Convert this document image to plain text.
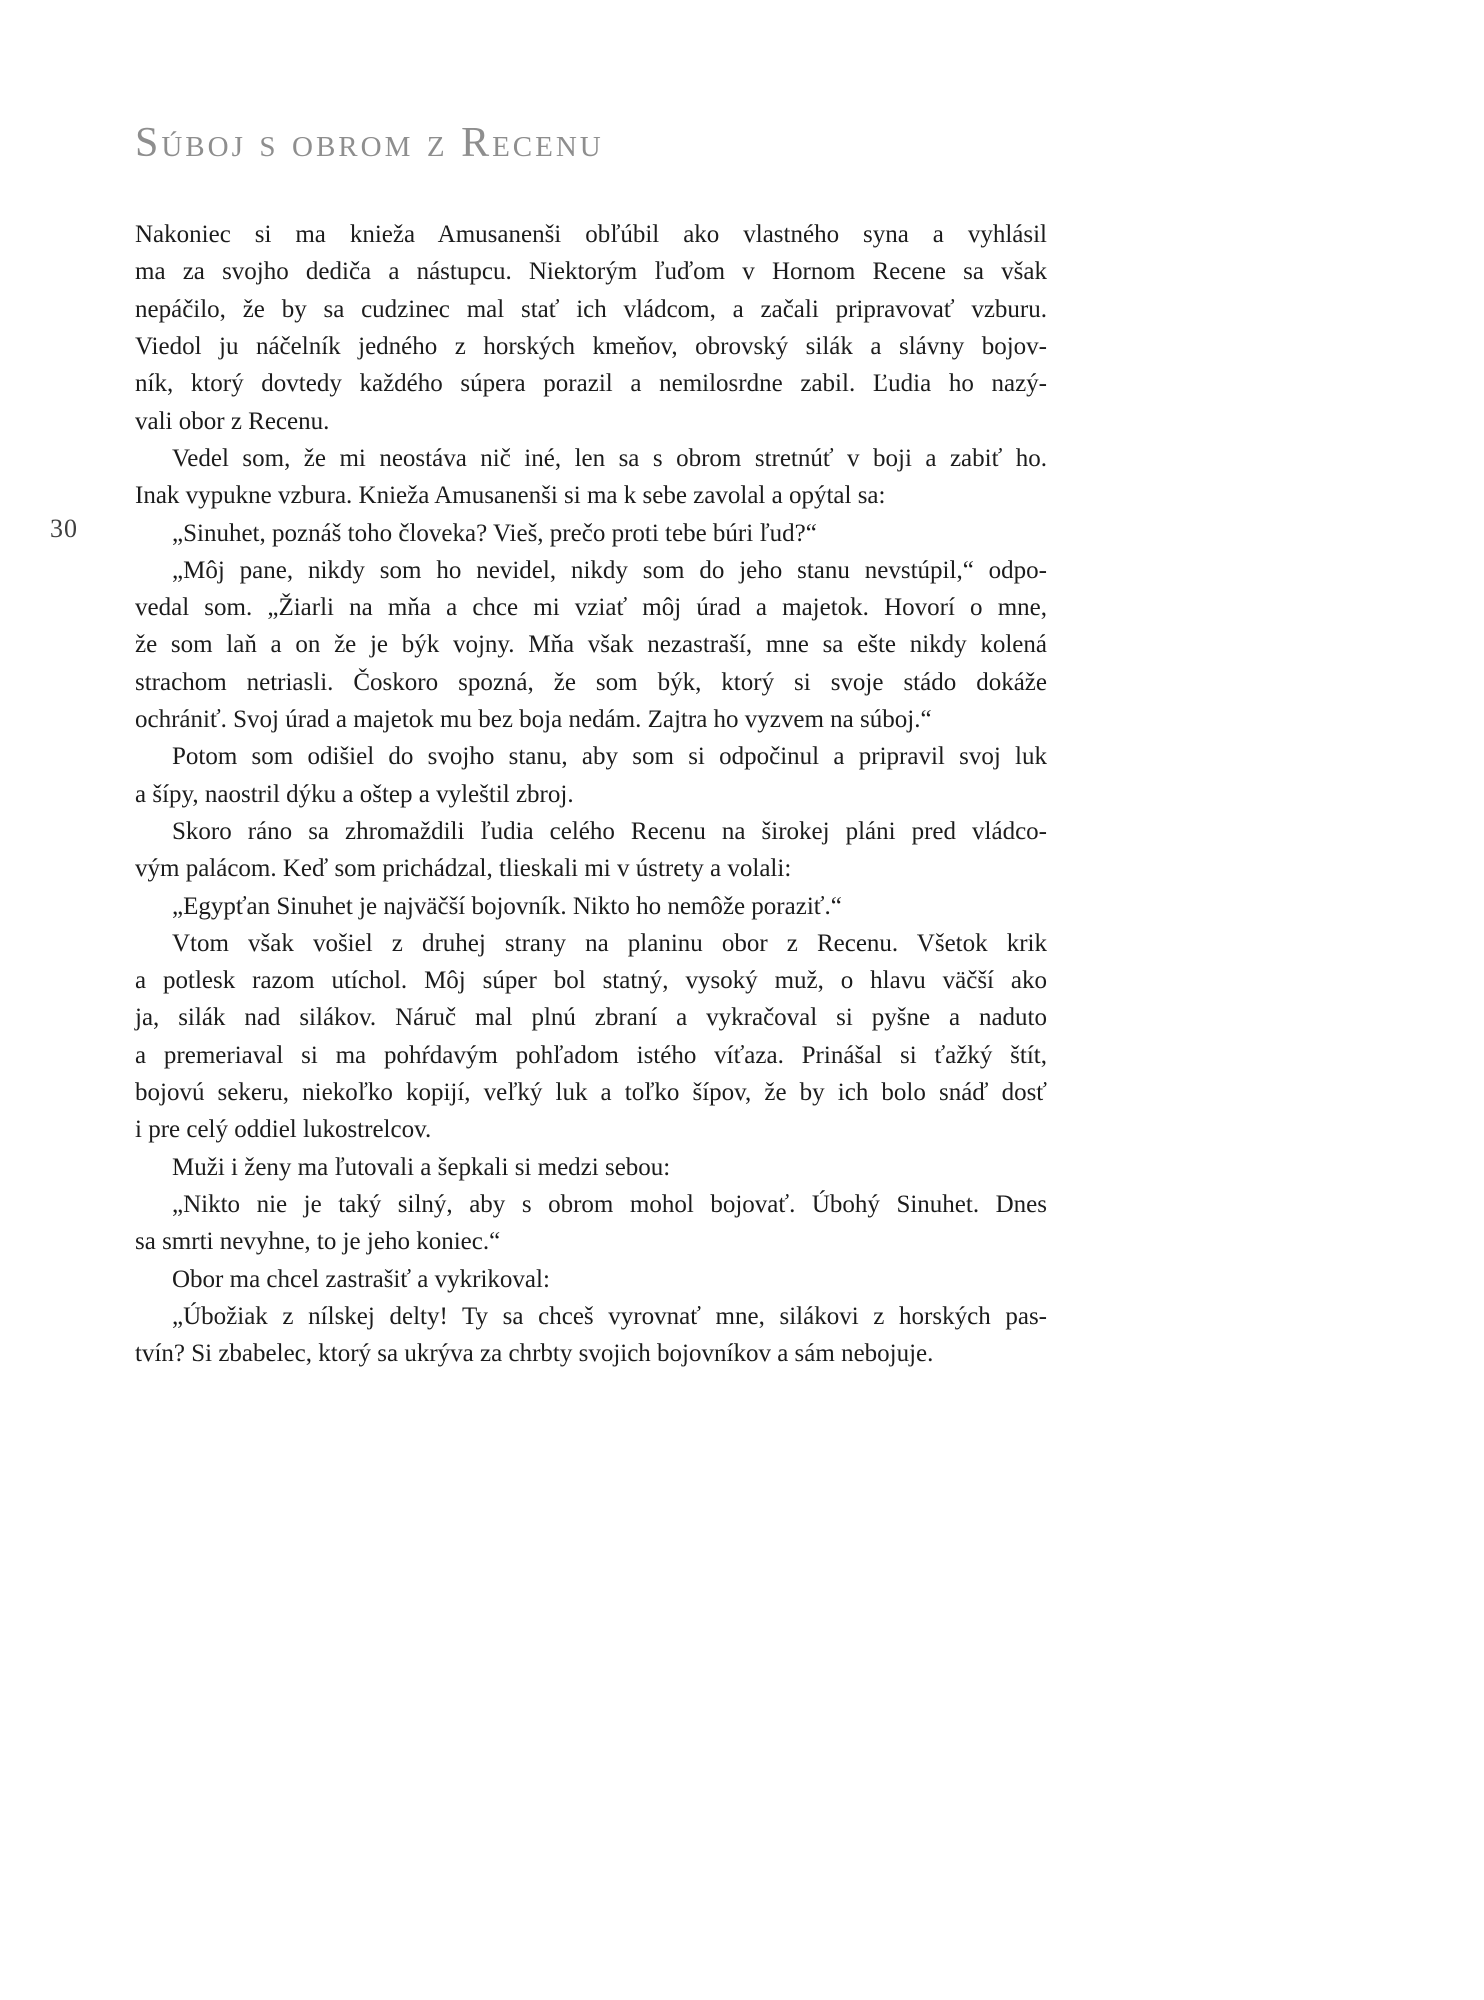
30
Súboj s obrom z Recenu
Nakoniec si ma knieža Amusanenši obľúbil ako vlastného syna a vyhlásil
ma za svojho dediča a nástupcu. Niektorým ľuďom v Hornom Recene sa však
nepáčilo, že by sa cudzinec mal stať ich vládcom, a začali pripravovať vzburu.
Viedol ju náčelník jedného z horských kmeňov, obrovský silák a slávny bojov-
ník, ktorý dovtedy každého súpera porazil a nemilosrdne zabil. Ľudia ho nazý-
vali obor z Recenu.
Vedel som, že mi neostáva nič iné, len sa s obrom stretnúť v boji a zabiť ho.
Inak vypukne vzbura. Knieža Amusanenši si ma k sebe zavolal a opýtal sa:
„Sinuhet, poznáš toho človeka? Vieš, prečo proti tebe búri ľud?“
„Môj pane, nikdy som ho nevidel, nikdy som do jeho stanu nevstúpil,“ odpo-
vedal som. „Žiarli na mňa a chce mi vziať môj úrad a majetok. Hovorí o mne,
že som laň a on že je býk vojny. Mňa však nezastraší, mne sa ešte nikdy kolená
strachom netriasli. Čoskoro spozná, že som býk, ktorý si svoje stádo dokáže
ochrániť. Svoj úrad a majetok mu bez boja nedám. Zajtra ho vyzvem na súboj.“
Potom som odišiel do svojho stanu, aby som si odpočinul a pripravil svoj luk
a šípy, naostril dýku a oštep a vyleštil zbroj.
Skoro ráno sa zhromaždili ľudia celého Recenu na širokej pláni pred vládco-
vým palácom. Keď som prichádzal, tlieskali mi v ústrety a volali:
„Egypťan Sinuhet je najväčší bojovník. Nikto ho nemôže poraziť.“
Vtom však vošiel z druhej strany na planinu obor z Recenu. Všetok krik
a potlesk razom utíchol. Môj súper bol statný, vysoký muž, o hlavu väčší ako
ja, silák nad silákov. Náruč mal plnú zbraní a vykračoval si pyšne a naduto
a premeriaval si ma pohŕdavým pohľadom istého víťaza. Prinášal si ťažký štít,
bojovú sekeru, niekoľko kopijí, veľký luk a toľko šípov, že by ich bolo snáď dosť
i pre celý oddiel lukostrelcov.
Muži i ženy ma ľutovali a šepkali si medzi sebou:
„Nikto nie je taký silný, aby s obrom mohol bojovať. Úbohý Sinuhet. Dnes
sa smrti nevyhne, to je jeho koniec.“
Obor ma chcel zastrašiť a vykrikoval:
„Úbožiak z nílskej delty! Ty sa chceš vyrovnať mne, silákovi z horských pas-
tvín? Si zbabelec, ktorý sa ukrýva za chrbty svojich bojovníkov a sám nebojuje.
